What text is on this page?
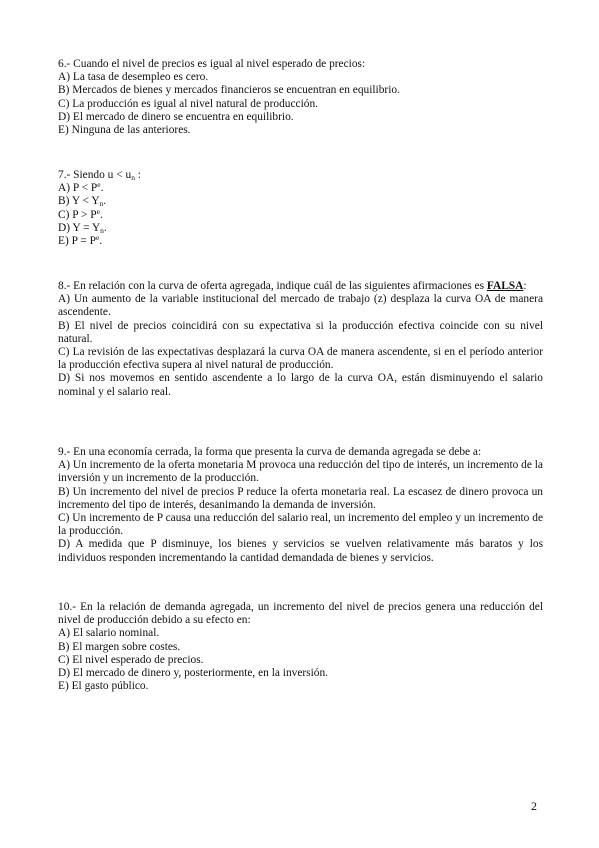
6.- Cuando el nivel de precios es igual al nivel esperado de precios:

A) La tasa de desempleo es cero.

B) Mercados de bienes y mercados financieros se encuentran en equilibrio.

C) La producción es igual al nivel natural de producción.

D) El mercado de dinero se encuentra en equilibrio.

E) Ninguna de las anteriores.

7.- Siendo $u < u_n$ :

A) $P < P^e$.

B) $Y < Y_n$.

C) $P > P^e$.

D) $Y = Y_n$.

E) $P = P^e$.

8.- En relación con la curva de oferta agregada, indique cuál de las siguientes afirmaciones es FALSA:

A) Un aumento de la variable institucional del mercado de trabajo (z) desplaza la curva OA de manera ascendente.

B) El nivel de precios coincidirá con su expectativa si la producción efectiva coincide con su nivel natural.

C) La revisión de las expectativas desplazará la curva OA de manera ascendente, si en el período anterior la producción efectiva supera al nivel natural de producción.

D) Si nos movemos en sentido ascendente a lo largo de la curva OA, están disminuyendo el salario nominal y el salario real.

9.- En una economía cerrada, la forma que presenta la curva de demanda agregada se debe a:

A) Un incremento de la oferta monetaria M provoca una reducción del tipo de interés, un incremento de la inversión y un incremento de la producción.

B) Un incremento del nivel de precios P reduce la oferta monetaria real. La escasez de dinero provoca un incremento del tipo de interés, desanimando la demanda de inversión.

C) Un incremento de P causa una reducción del salario real, un incremento del empleo y un incremento de la producción.

D) A medida que P disminuye, los bienes y servicios se vuelven relativamente más baratos y los individuos responden incrementando la cantidad demandada de bienes y servicios.

10.- En la relación de demanda agregada, un incremento del nivel de precios genera una reducción del nivel de producción debido a su efecto en:

A) El salario nominal.

B) El margen sobre costes.

C) El nivel esperado de precios.

D) El mercado de dinero y, posteriormente, en la inversión.

E) El gasto público.

2
